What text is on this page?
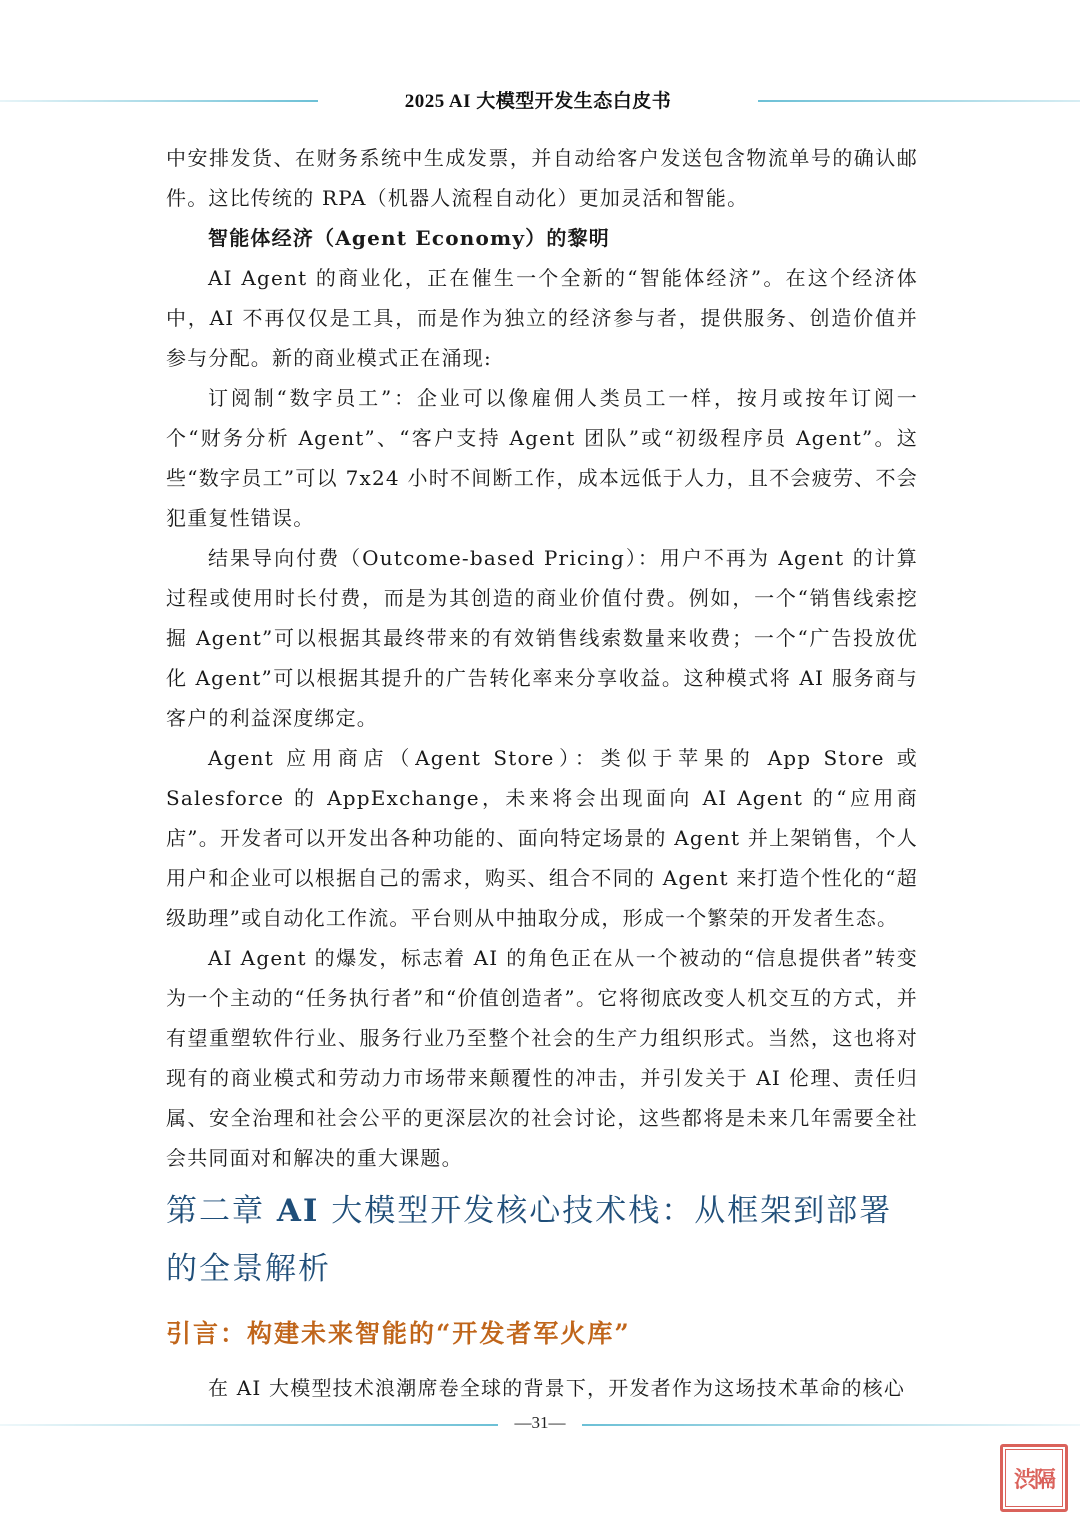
2025 AI 大模型开发生态白皮书

中安排发货、在财务系统中生成发票，并自动给客户发送包含物流单号的确认邮件。这比传统的 RPA（机器人流程自动化）更加灵活和智能。

智能体经济（Agent Economy）的黎明

AI Agent 的商业化，正在催生一个全新的“智能体经济”。在这个经济体中，AI 不再仅仅是工具，而是作为独立的经济参与者，提供服务、创造价值并参与分配。新的商业模式正在涌现:

订阅制“数字员工”：企业可以像雇佣人类员工一样，按月或按年订阅一个“财务分析 Agent”、“客户支持 Agent 团队”或“初级程序员 Agent”。这些“数字员工”可以 7x24 小时不间断工作，成本远低于人力，且不会疲劳、不会犯重复性错误。

结果导向付费（Outcome-based Pricing）：用户不再为 Agent 的计算过程或使用时长付费，而是为其创造的商业价值付费。例如，一个“销售线索挖掘 Agent”可以根据其最终带来的有效销售线索数量来收费；一个“广告投放优化 Agent”可以根据其提升的广告转化率来分享收益。这种模式将 AI 服务商与客户的利益深度绑定。

Agent 应用商店（Agent Store）：类似于苹果的 App Store 或 Salesforce 的 AppExchange，未来将会出现面向 AI Agent 的“应用商店”。开发者可以开发出各种功能的、面向特定场景的 Agent 并上架销售，个人用户和企业可以根据自己的需求，购买、组合不同的 Agent 来打造个性化的“超级助理”或自动化工作流。平台则从中抽取分成，形成一个繁荣的开发者生态。

AI Agent 的爆发，标志着 AI 的角色正在从一个被动的“信息提供者”转变为一个主动的“任务执行者”和“价值创造者”。它将彻底改变人机交互的方式，并有望重塑软件行业、服务行业乃至整个社会的生产力组织形式。当然，这也将对现有的商业模式和劳动力市场带来颠覆性的冲击，并引发关于 AI 伦理、责任归属、安全治理和社会公平的更深层次的社会讨论，这些都将是未来几年需要全社会共同面对和解决的重大课题。

第二章 AI 大模型开发核心技术栈：从框架到部署的全景解析
引言：构建未来智能的“开发者军火库”

在 AI 大模型技术浪潮席卷全球的背景下，开发者作为这场技术革命的核心

—31—
渋隔
